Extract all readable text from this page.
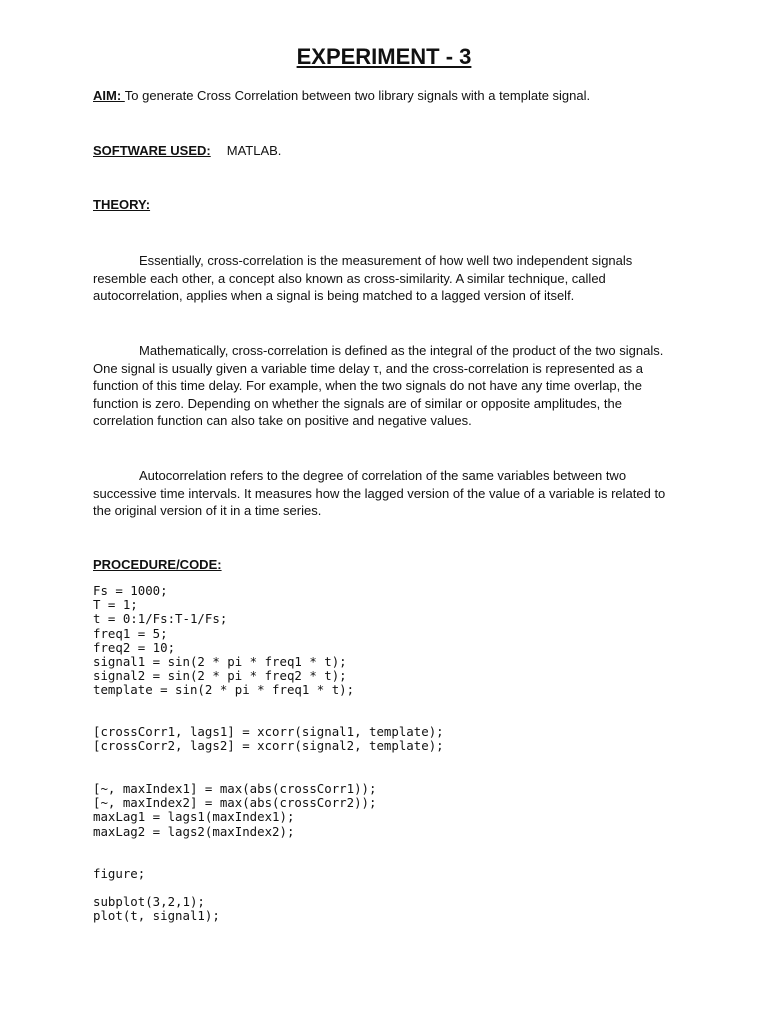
EXPERIMENT - 3
AIM: To generate Cross Correlation between two library signals with a template signal.
SOFTWARE USED: MATLAB.
THEORY:
Essentially, cross-correlation is the measurement of how well two independent signals resemble each other, a concept also known as cross-similarity. A similar technique, called autocorrelation, applies when a signal is being matched to a lagged version of itself.
Mathematically, cross-correlation is defined as the integral of the product of the two signals. One signal is usually given a variable time delay τ, and the cross-correlation is represented as a function of this time delay. For example, when the two signals do not have any time overlap, the function is zero. Depending on whether the signals are of similar or opposite amplitudes, the correlation function can also take on positive and negative values.
Autocorrelation refers to the degree of correlation of the same variables between two successive time intervals. It measures how the lagged version of the value of a variable is related to the original version of it in a time series.
PROCEDURE/CODE:
Fs = 1000;
T = 1;
t = 0:1/Fs:T-1/Fs;
freq1 = 5;
freq2 = 10;
signal1 = sin(2 * pi * freq1 * t);
signal2 = sin(2 * pi * freq2 * t);
template = sin(2 * pi * freq1 * t);
[crossCorr1, lags1] = xcorr(signal1, template);
[crossCorr2, lags2] = xcorr(signal2, template);
[~, maxIndex1] = max(abs(crossCorr1));
[~, maxIndex2] = max(abs(crossCorr2));
maxLag1 = lags1(maxIndex1);
maxLag2 = lags2(maxIndex2);
figure;
subplot(3,2,1);
plot(t, signal1);
